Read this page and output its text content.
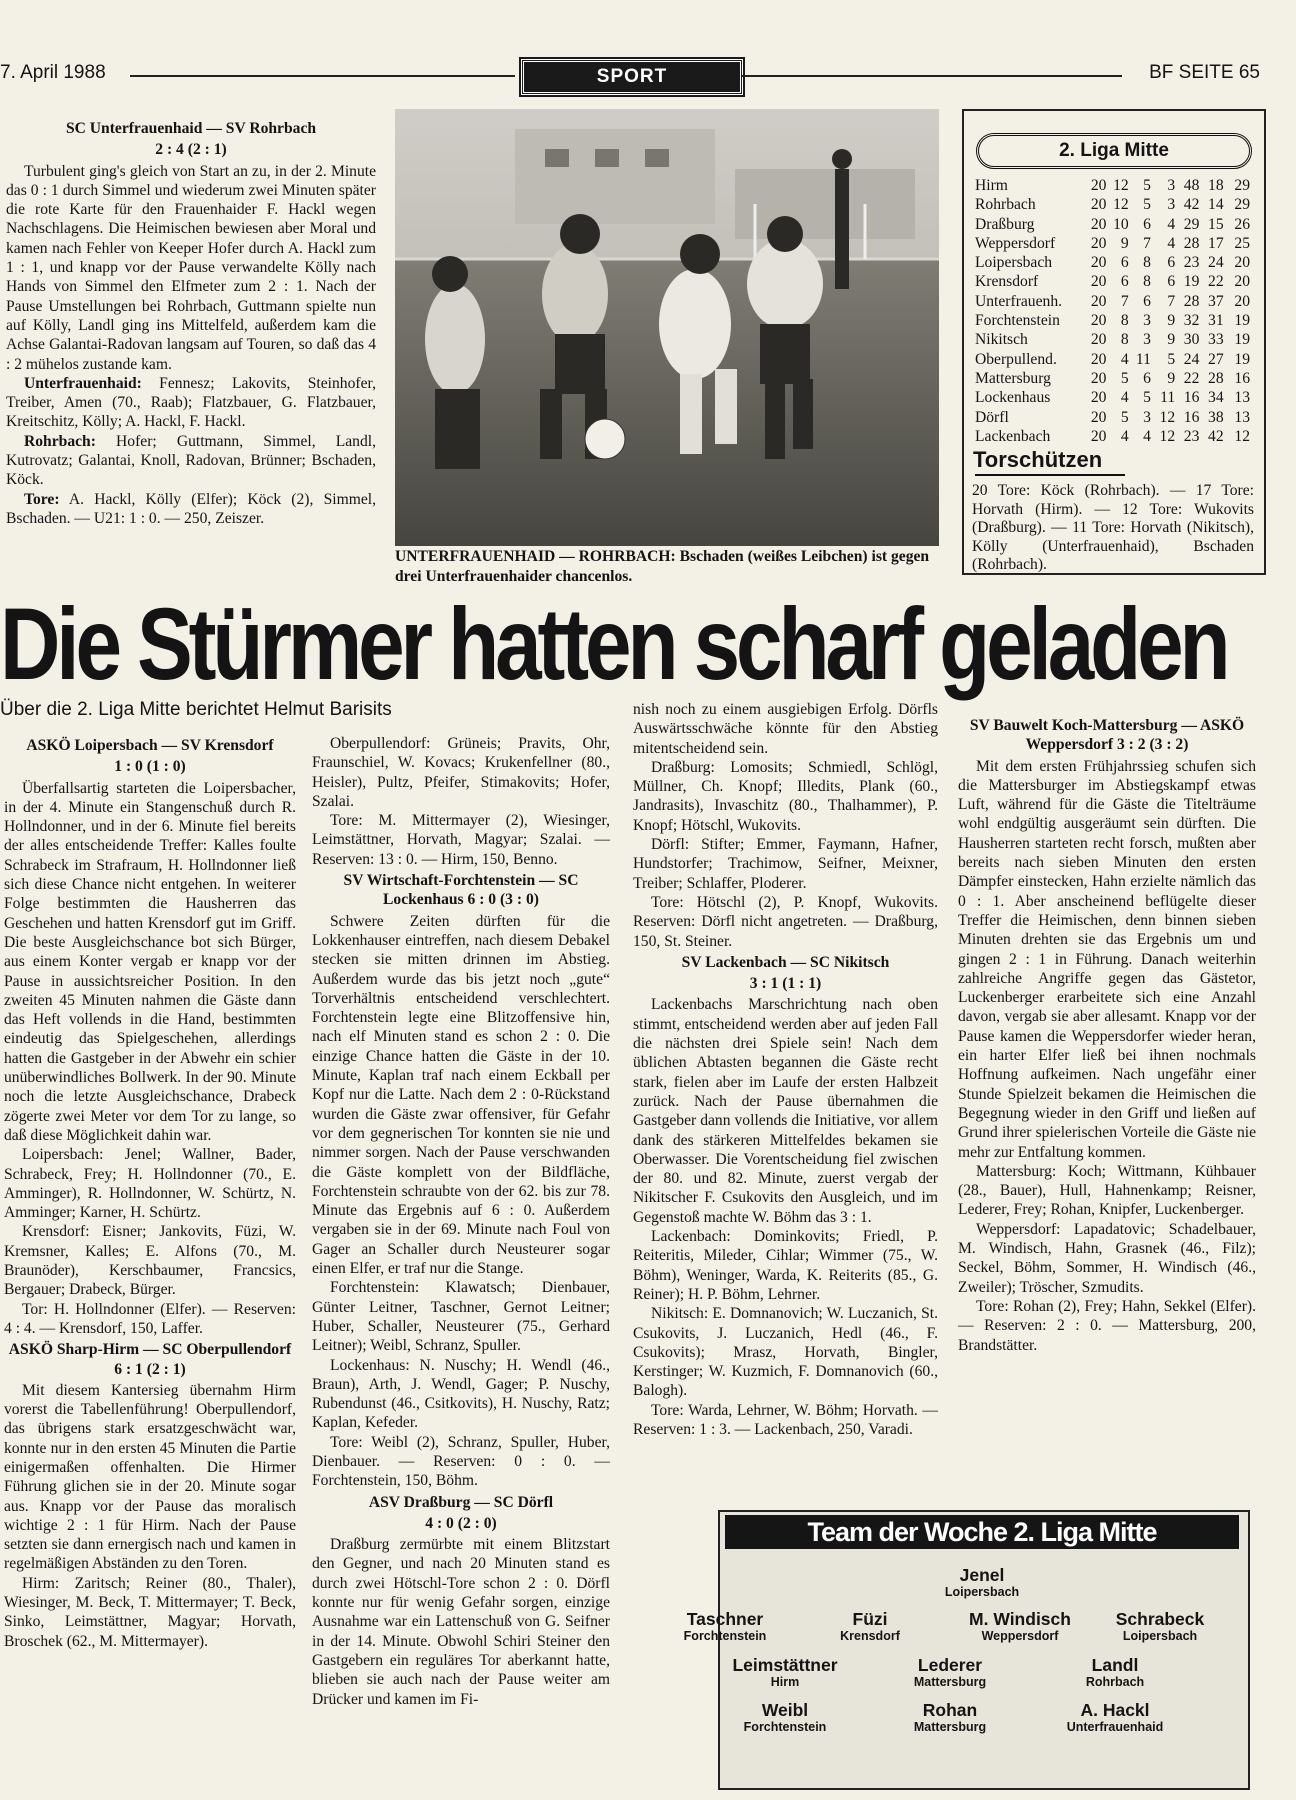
7. April 1988	SPORT	BF SEITE 65

SC Unterfrauenhaid — SV Rohrbach

2 : 4 (2 : 1)

Turbulent ging's gleich von Start an zu, in der 2. Minute das 0 : 1 durch Simmel und wiederum zwei Minuten später die rote Karte für den Frauenhaider F. Hackl wegen Nachschlagens. Die Heimischen bewiesen aber Moral und kamen nach Fehler von Keeper Hofer durch A. Hackl zum 1 : 1, und knapp vor der Pause verwandelte Kölly nach Hands von Simmel den Elfmeter zum 2 : 1. Nach der Pause Umstellungen bei Rohrbach, Guttmann spielte nun auf Kölly, Landl ging ins Mittelfeld, außerdem kam die Achse Galantai-Radovan langsam auf Touren, so daß das 4 : 2 mühelos zustande kam.

Unterfrauenhaid: Fennesz; Lakovits, Steinhofer, Treiber, Amen (70., Raab); Flatzbauer, G. Flatzbauer, Kreitschitz, Kölly; A. Hackl, F. Hackl.

Rohrbach: Hofer; Guttmann, Simmel, Landl, Kutrovatz; Galantai, Knoll, Radovan, Brünner; Bschaden, Köck.

Tore: A. Hackl, Kölly (Elfer); Köck (2), Simmel, Bschaden. — U21: 1 : 0. — 250, Zeiszer.

UNTERFRAUENHAID — ROHRBACH: Bschaden (weißes Leibchen) ist gegen drei Unterfrauenhaider chancenlos.
2. Liga Mitte
Hirm	20	12	5	3	48	18	29
Rohrbach	20	12	5	3	42	14	29
Draßburg	20	10	6	4	29	15	26
Weppersdorf	20	9	7	4	28	17	25
Loipersbach	20	6	8	6	23	24	20
Krensdorf	20	6	8	6	19	22	20
Unterfrauenh.	20	7	6	7	28	37	20
Forchtenstein	20	8	3	9	32	31	19
Nikitsch	20	8	3	9	30	33	19
Oberpullend.	20	4	11	5	24	27	19
Mattersburg	20	5	6	9	22	28	16
Lockenhaus	20	4	5	11	16	34	13
Dörfl	20	5	3	12	16	38	13
Lackenbach	20	4	4	12	23	42	12
Torschützen
20 Tore: Köck (Rohrbach). — 17 Tore: Horvath (Hirm). — 12 Tore: Wukovits (Draßburg). — 11 Tore: Horvath (Nikitsch), Kölly (Unterfrauenhaid), Bschaden (Rohrbach).
Die Stürmer hatten scharf geladen
Über die 2. Liga Mitte berichtet Helmut Barisits

ASKÖ Loipersbach — SV Krensdorf

1 : 0 (1 : 0)

Überfallsartig starteten die Loipersbacher, in der 4. Minute ein Stangenschuß durch R. Hollndonner, und in der 6. Minute fiel bereits der alles entscheidende Treffer: Kalles foulte Schrabeck im Strafraum, H. Hollndonner ließ sich diese Chance nicht entgehen. In weiterer Folge bestimmten die Hausherren das Geschehen und hatten Krensdorf gut im Griff. Die beste Ausgleichschance bot sich Bürger, aus einem Konter vergab er knapp vor der Pause in aussichtsreicher Position. In den zweiten 45 Minuten nahmen die Gäste dann das Heft vollends in die Hand, bestimmten eindeutig das Spielgeschehen, allerdings hatten die Gastgeber in der Abwehr ein schier unüberwindliches Bollwerk. In der 90. Minute noch die letzte Ausgleichschance, Drabeck zögerte zwei Meter vor dem Tor zu lange, so daß diese Möglichkeit dahin war.

Loipersbach: Jenel; Wallner, Bader, Schrabeck, Frey; H. Hollndonner (70., E. Amminger), R. Hollndonner, W. Schürtz, N. Amminger; Karner, H. Schürtz.

Krensdorf: Eisner; Jankovits, Füzi, W. Kremsner, Kalles; E. Alfons (70., M. Braunöder), Kerschbaumer, Francsics, Bergauer; Drabeck, Bürger.

Tor: H. Hollndonner (Elfer). — Reserven: 4 : 4. — Krensdorf, 150, Laffer.

ASKÖ Sharp-Hirm — SC Oberpullendorf 6 : 1 (2 : 1)

Mit diesem Kantersieg übernahm Hirm vorerst die Tabellenführung! Oberpullendorf, das übrigens stark ersatzgeschwächt war, konnte nur in den ersten 45 Minuten die Partie einigermaßen offenhalten. Die Hirmer Führung glichen sie in der 20. Minute sogar aus. Knapp vor der Pause das moralisch wichtige 2 : 1 für Hirm. Nach der Pause setzten sie dann ernergisch nach und kamen in regelmäßigen Abständen zu den Toren.

Hirm: Zaritsch; Reiner (80., Thaler), Wiesinger, M. Beck, T. Mittermayer; T. Beck, Sinko, Leimstättner, Magyar; Horvath, Broschek (62., M. Mittermayer).

Oberpullendorf: Grüneis; Pravits, Ohr, Fraunschiel, W. Kovacs; Krukenfellner (80., Heisler), Pultz, Pfeifer, Stimakovits; Hofer, Szalai.

Tore: M. Mittermayer (2), Wiesinger, Leimstättner, Horvath, Magyar; Szalai. — Reserven: 13 : 0. — Hirm, 150, Benno.

SV Wirtschaft-Forchtenstein — SC Lockenhaus 6 : 0 (3 : 0)

Schwere Zeiten dürften für die Lokkenhauser eintreffen, nach diesem Debakel stecken sie mitten drinnen im Abstieg. Außerdem wurde das bis jetzt noch „gute“ Torverhältnis entscheidend verschlechtert. Forchtenstein legte eine Blitzoffensive hin, nach elf Minuten stand es schon 2 : 0. Die einzige Chance hatten die Gäste in der 10. Minute, Kaplan traf nach einem Eckball per Kopf nur die Latte. Nach dem 2 : 0-Rückstand wurden die Gäste zwar offensiver, für Gefahr vor dem gegnerischen Tor konnten sie nie und nimmer sorgen. Nach der Pause verschwanden die Gäste komplett von der Bildfläche, Forchtenstein schraubte von der 62. bis zur 78. Minute das Ergebnis auf 6 : 0. Außerdem vergaben sie in der 69. Minute nach Foul von Gager an Schaller durch Neusteurer sogar einen Elfer, er traf nur die Stange.

Forchtenstein: Klawatsch; Dienbauer, Günter Leitner, Taschner, Gernot Leitner; Huber, Schaller, Neusteurer (75., Gerhard Leitner); Weibl, Schranz, Spuller.

Lockenhaus: N. Nuschy; H. Wendl (46., Braun), Arth, J. Wendl, Gager; P. Nuschy, Rubendunst (46., Csitkovits), H. Nuschy, Ratz; Kaplan, Kefeder.

Tore: Weibl (2), Schranz, Spuller, Huber, Dienbauer. — Reserven: 0 : 0. — Forchtenstein, 150, Böhm.

ASV Draßburg — SC Dörfl

4 : 0 (2 : 0)

Draßburg zermürbte mit einem Blitzstart den Gegner, und nach 20 Minuten stand es durch zwei Hötschl-Tore schon 2 : 0. Dörfl konnte nur für wenig Gefahr sorgen, einzige Ausnahme war ein Lattenschuß von G. Seifner in der 14. Minute. Obwohl Schiri Steiner den Gastgebern ein reguläres Tor aberkannt hatte, blieben sie auch nach der Pause weiter am Drücker und kamen im Fi-

nish noch zu einem ausgiebigen Erfolg. Dörfls Auswärtsschwäche könnte für den Abstieg mitentscheidend sein.

Draßburg: Lomosits; Schmiedl, Schlögl, Müllner, Ch. Knopf; Illedits, Plank (60., Jandrasits), Invaschitz (80., Thalhammer), P. Knopf; Hötschl, Wukovits.

Dörfl: Stifter; Emmer, Faymann, Hafner, Hundstorfer; Trachimow, Seifner, Meixner, Treiber; Schlaffer, Ploderer.

Tore: Hötschl (2), P. Knopf, Wukovits. Reserven: Dörfl nicht angetreten. — Draßburg, 150, St. Steiner.

SV Lackenbach — SC Nikitsch

3 : 1 (1 : 1)

Lackenbachs Marschrichtung nach oben stimmt, entscheidend werden aber auf jeden Fall die nächsten drei Spiele sein! Nach dem üblichen Abtasten begannen die Gäste recht stark, fielen aber im Laufe der ersten Halbzeit zurück. Nach der Pause übernahmen die Gastgeber dann vollends die Initiative, vor allem dank des stärkeren Mittelfeldes bekamen sie Oberwasser. Die Vorentscheidung fiel zwischen der 80. und 82. Minute, zuerst vergab der Nikitscher F. Csukovits den Ausgleich, und im Gegenstoß machte W. Böhm das 3 : 1.

Lackenbach: Dominkovits; Friedl, P. Reiteritis, Mileder, Cihlar; Wimmer (75., W. Böhm), Weninger, Warda, K. Reiterits (85., G. Reiner); H. P. Böhm, Lehrner.

Nikitsch: E. Domnanovich; W. Luczanich, St. Csukovits, J. Luczanich, Hedl (46., F. Csukovits); Mrasz, Horvath, Bingler, Kerstinger; W. Kuzmich, F. Domnanovich (60., Balogh).

Tore: Warda, Lehrner, W. Böhm; Horvath. — Reserven: 1 : 3. — Lackenbach, 250, Varadi.

SV Bauwelt Koch-Mattersburg — ASKÖ Weppersdorf 3 : 2 (3 : 2)

Mit dem ersten Frühjahrssieg schufen sich die Mattersburger im Abstiegskampf etwas Luft, während für die Gäste die Titelträume wohl endgültig ausgeräumt sein dürften. Die Hausherren starteten recht forsch, mußten aber bereits nach sieben Minuten den ersten Dämpfer einstecken, Hahn erzielte nämlich das 0 : 1. Aber anscheinend beflügelte dieser Treffer die Heimischen, denn binnen sieben Minuten drehten sie das Ergebnis um und gingen 2 : 1 in Führung. Danach weiterhin zahlreiche Angriffe gegen das Gästetor, Luckenberger erarbeitete sich eine Anzahl davon, vergab sie aber allesamt. Knapp vor der Pause kamen die Weppersdorfer wieder heran, ein harter Elfer ließ bei ihnen nochmals Hoffnung aufkeimen. Nach ungefähr einer Stunde Spielzeit bekamen die Heimischen die Begegnung wieder in den Griff und ließen auf Grund ihrer spielerischen Vorteile die Gäste nie mehr zur Entfaltung kommen.

Mattersburg: Koch; Wittmann, Kühbauer (28., Bauer), Hull, Hahnenkamp; Reisner, Lederer, Frey; Rohan, Knipfer, Luckenberger.

Weppersdorf: Lapadatovic; Schadelbauer, M. Windisch, Hahn, Grasnek (46., Filz); Seckel, Böhm, Sommer, H. Windisch (46., Zweiler); Tröscher, Szmudits.

Tore: Rohan (2), Frey; Hahn, Sekkel (Elfer). — Reserven: 2 : 0. — Mattersburg, 200, Brandstätter.

Team der Woche 2. Liga Mitte
Jenel
Loipersbach
Taschner
Forchtenstein
Füzi
Krensdorf
M. Windisch
Weppersdorf
Schrabeck
Loipersbach
Leimstättner
Hirm
Lederer
Mattersburg
Landl
Rohrbach
Weibl
Forchtenstein
Rohan
Mattersburg
A. Hackl
Unterfrauenhaid
